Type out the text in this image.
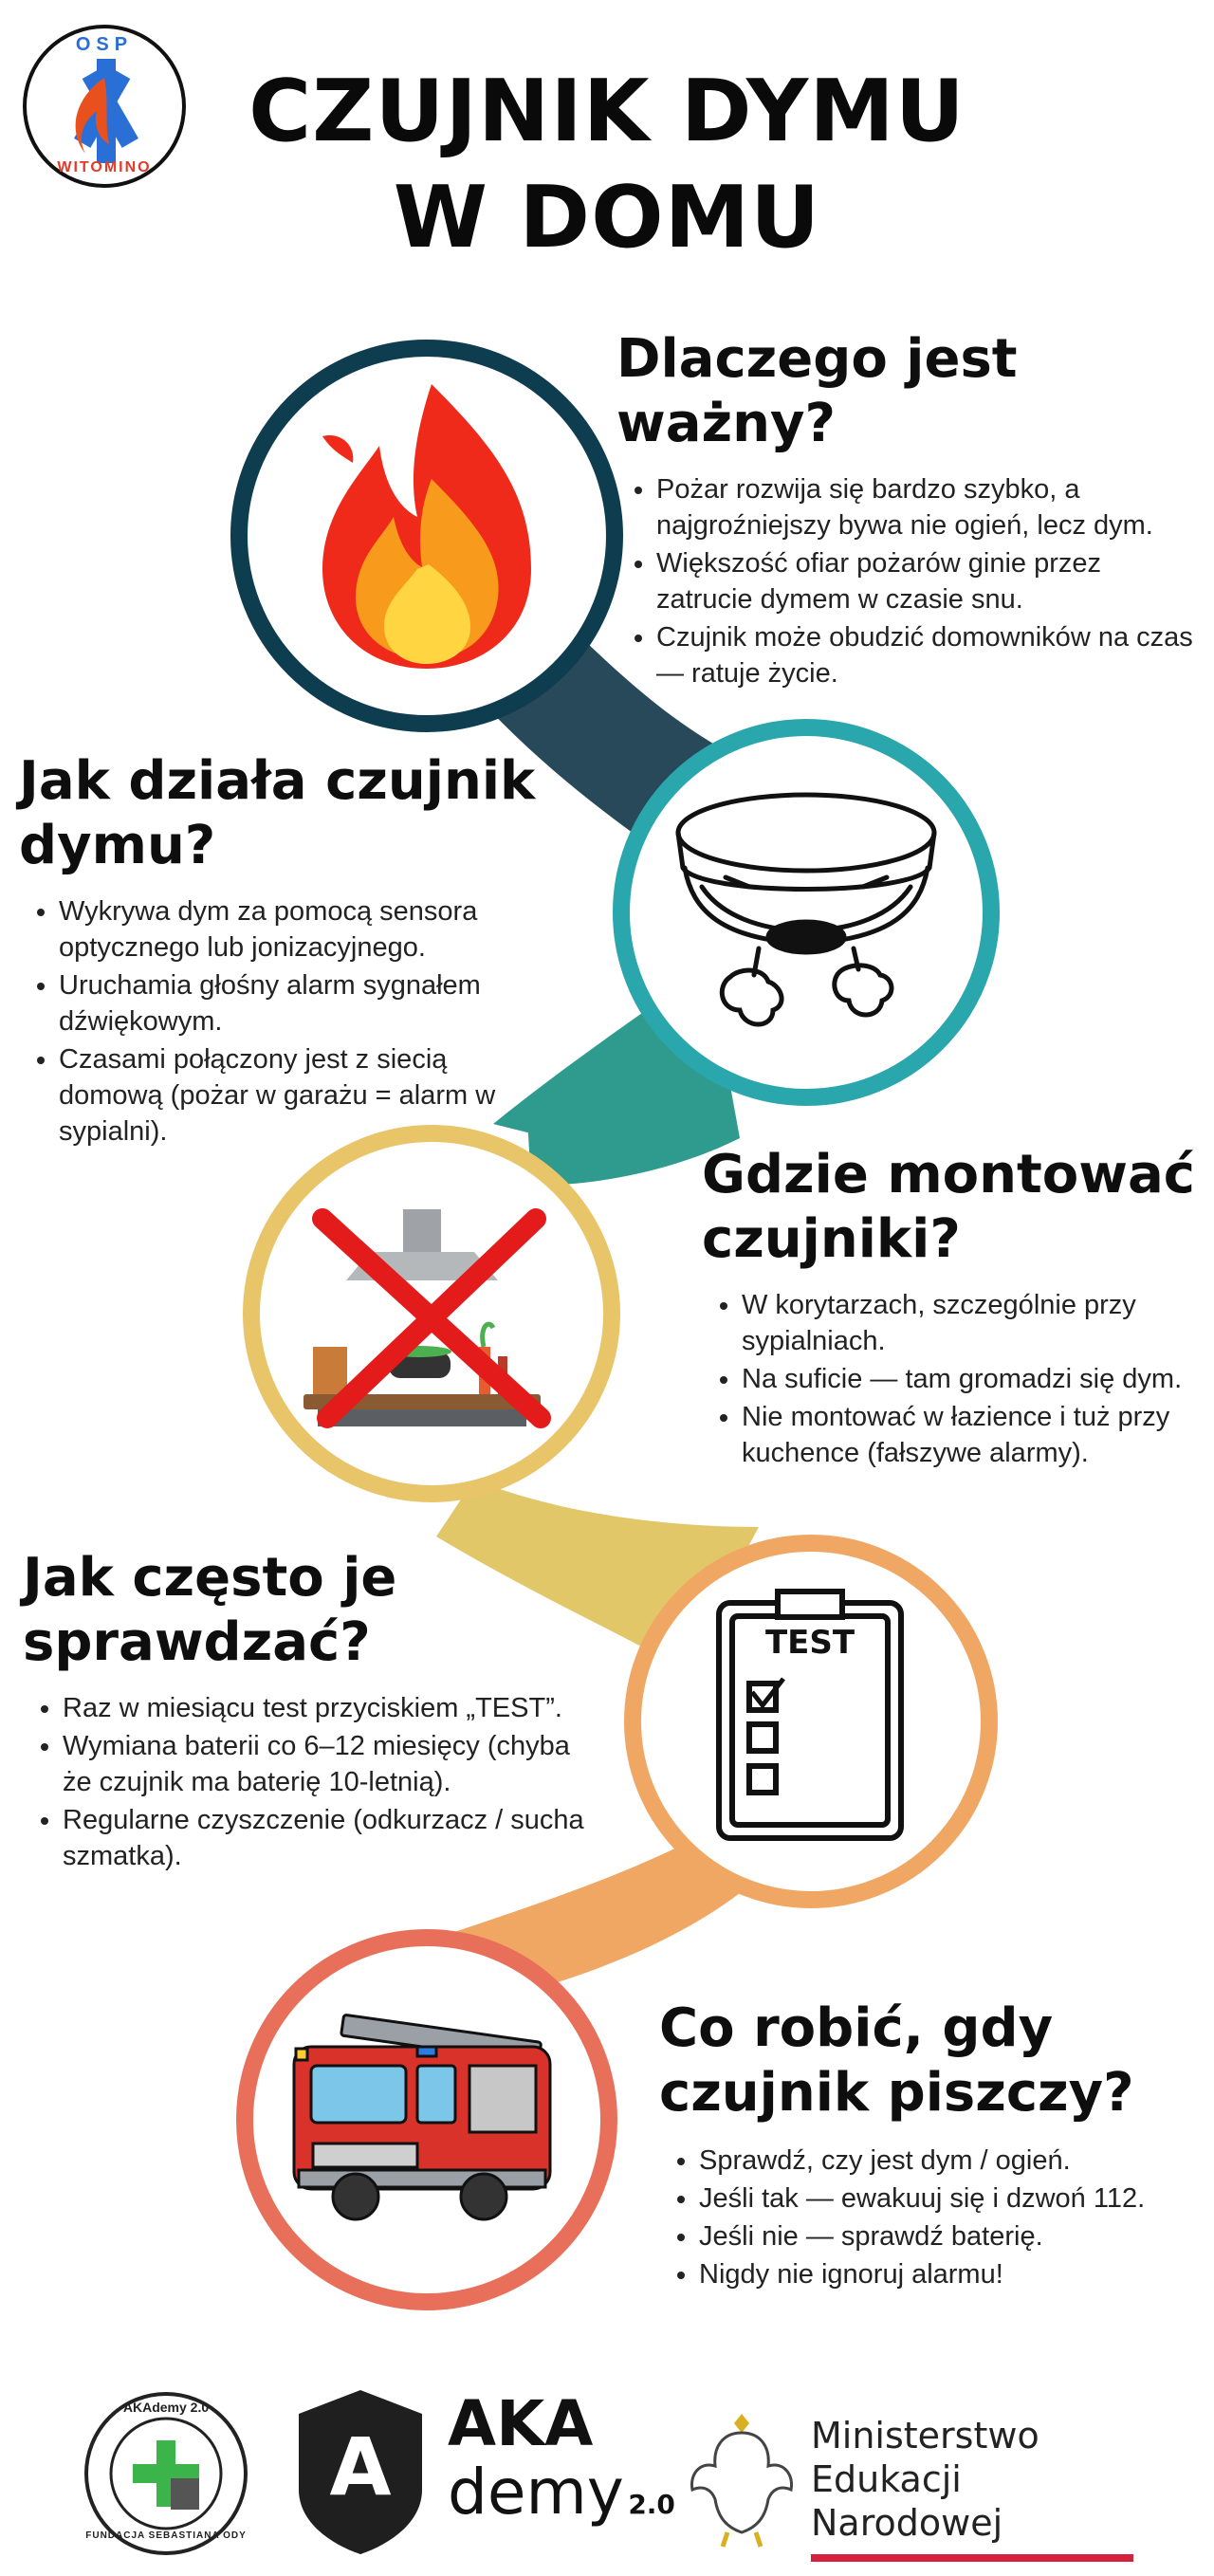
OSP
WITOMINO
CZUJNIK DYMU W DOMU
Dlaczego jest ważny?
• Pożar rozwija się bardzo szybko, a najgroźniejszy bywa nie ogień, lecz dym.
• Większość ofiar pożarów ginie przez zatrucie dymem w czasie snu.
• Czujnik może obudzić domowników na czas — ratuje życie.
Jak działa czujnik dymu?
• Wykrywa dym za pomocą sensora optycznego lub jonizacyjnego.
• Uruchamia głośny alarm sygnałem dźwiękowym.
• Czasami połączony jest z siecią domową (pożar w garażu = alarm w sypialni).
Gdzie montować czujniki?
• W korytarzach, szczególnie przy sypialniach.
• Na suficie — tam gromadzi się dym.
• Nie montować w łazience i tuż przy kuchence (fałszywe alarmy).
Jak często je sprawdzać?
• Raz w miesiącu test przyciskiem „TEST”.
• Wymiana baterii co 6–12 miesięcy (chyba że czujnik ma baterię 10-letnią).
• Regularne czyszczenie (odkurzacz / sucha szmatka).
TEST
Co robić, gdy czujnik piszczy?
• Sprawdź, czy jest dym / ogień.
• Jeśli tak — ewakuuj się i dzwoń 112.
• Jeśli nie — sprawdź baterię.
• Nigdy nie ignoruj alarmu!
AKAdemy 2.0
FUNDACJA SEBASTIANA ODY
A AKA
demy 2.0
Ministerstwo
Edukacji Narodowej
